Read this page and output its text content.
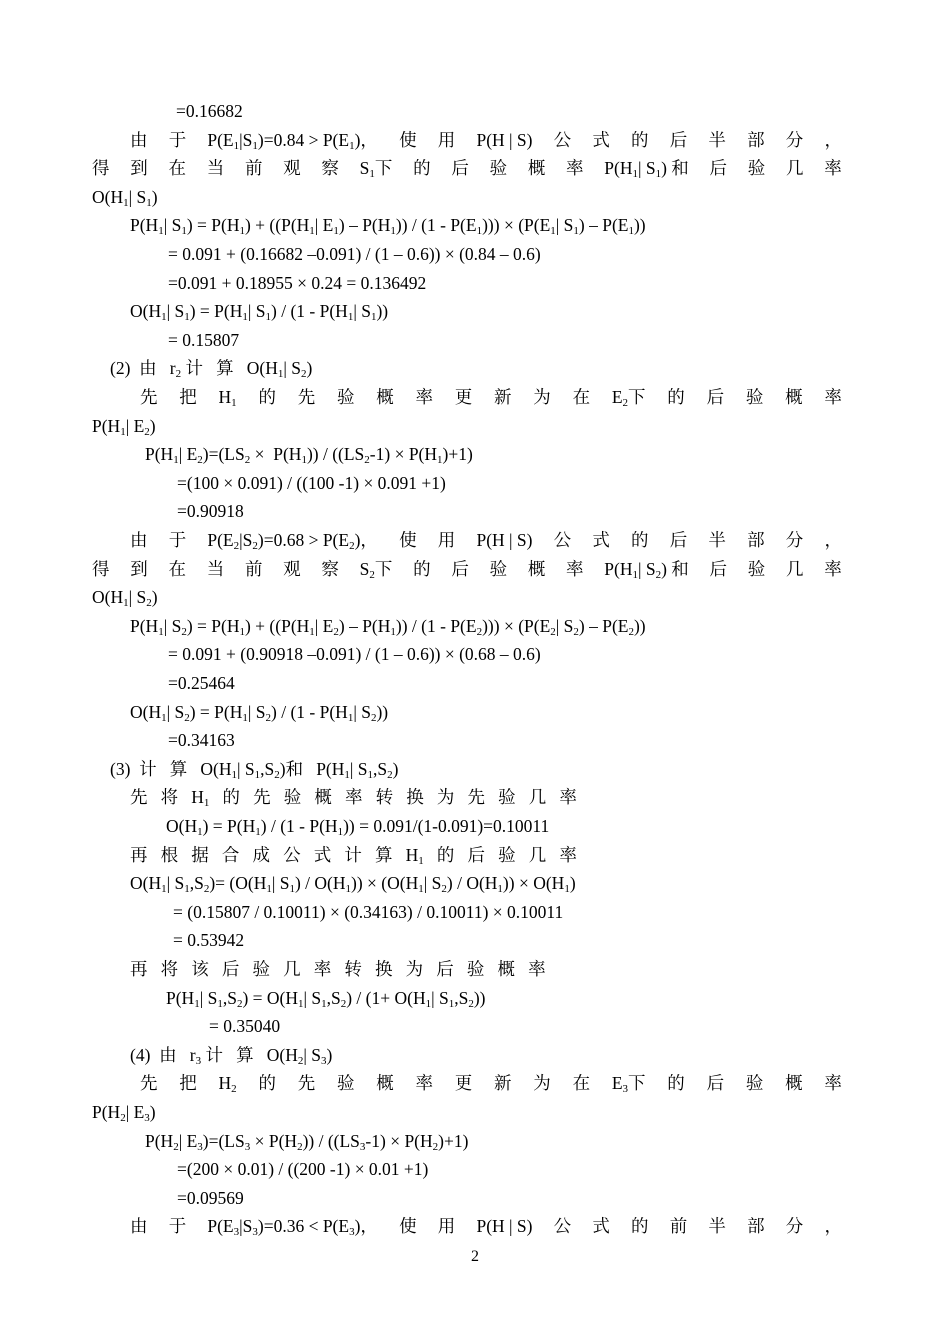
=0.16682
由 于 P(E1|S1)=0.84 > P(E1)， 使 用 P(H | S) 公 式 的 后 半 部 分 ，
得 到 在 当 前 观 察 S1下 的 后 验 概 率 P(H1| S1) 和 后 验 几 率
O(H1| S1)
P(H1| S1) = P(H1) + ((P(H1| E1) – P(H1)) / (1 - P(E1))) × (P(E1| S1) – P(E1))
= 0.091 + (0.16682 –0.091) / (1 – 0.6)) × (0.84 – 0.6)
=0.091 + 0.18955 × 0.24 = 0.136492
O(H1| S1) = P(H1| S1) / (1 - P(H1| S1))
= 0.15807
(2)  由   r2 计   算   O(H1| S2)
先 把 H1 的 先 验 概 率 更 新 为 在 E2下 的 后 验 概 率
P(H1| E2)
P(H1| E2)=(LS2 ×  P(H1)) / ((LS2-1) × P(H1)+1)
=(100 × 0.091) / ((100 -1) × 0.091 +1)
=0.90918
由 于 P(E2|S2)=0.68 > P(E2)， 使 用 P(H | S) 公 式 的 后 半 部 分 ，
得 到 在 当 前 观 察 S2下 的 后 验 概 率 P(H1| S2) 和 后 验 几 率
O(H1| S2)
P(H1| S2) = P(H1) + ((P(H1| E2) – P(H1)) / (1 - P(E2))) × (P(E2| S2) – P(E2))
= 0.091 + (0.90918 –0.091) / (1 – 0.6)) × (0.68 – 0.6)
=0.25464
O(H1| S2) = P(H1| S2) / (1 - P(H1| S2))
=0.34163
(3)  计   算   O(H1| S1,S2)和   P(H1| S1,S2)
先   将   H1   的   先   验   概   率   转   换   为   先   验   几   率
O(H1) = P(H1) / (1 - P(H1)) = 0.091/(1-0.091)=0.10011
再   根   据   合   成   公   式   计   算   H1   的   后   验   几   率
O(H1| S1,S2)= (O(H1| S1) / O(H1)) × (O(H1| S2) / O(H1)) × O(H1)
= (0.15807 / 0.10011) × (0.34163) / 0.10011) × 0.10011
= 0.53942
再   将   该   后   验   几   率   转   换   为   后   验   概   率
P(H1| S1,S2) = O(H1| S1,S2) / (1+ O(H1| S1,S2))
= 0.35040
(4)  由   r3 计   算   O(H2| S3)
先 把 H2 的 先 验 概 率 更 新 为 在 E3下 的 后 验 概 率
P(H2| E3)
P(H2| E3)=(LS3 × P(H2)) / ((LS3-1) × P(H2)+1)
=(200 × 0.01) / ((200 -1) × 0.01 +1)
=0.09569
由 于 P(E3|S3)=0.36 < P(E3)， 使 用 P(H | S) 公 式 的 前 半 部 分 ，
2
